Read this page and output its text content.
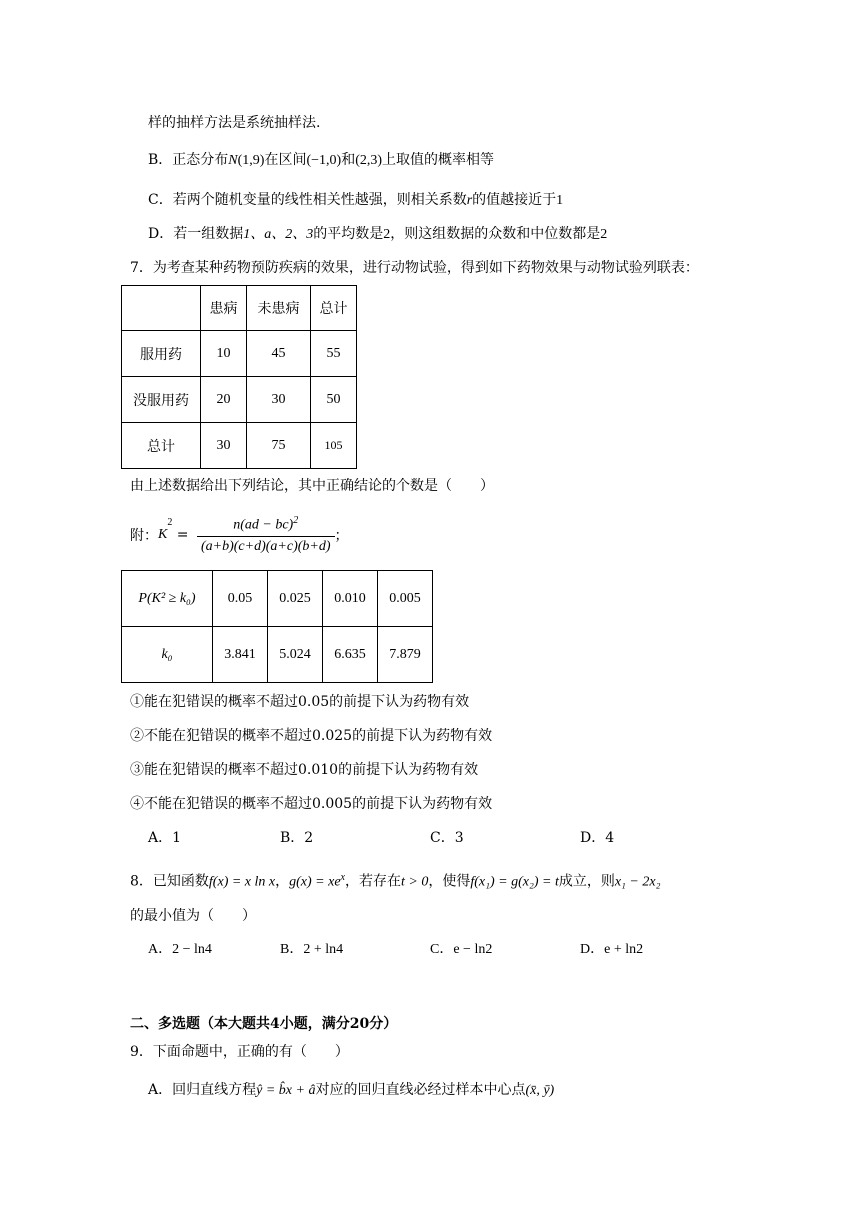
样的抽样方法是系统抽样法.
B．正态分布N(1,9)在区间(−1,0)和(2,3)上取值的概率相等
C．若两个随机变量的线性相关性越强，则相关系数r的值越接近于1
D．若一组数据1、a、2、3的平均数是2，则这组数据的众数和中位数都是2
7．为考查某种药物预防疾病的效果，进行动物试验，得到如下药物效果与动物试验列联表：
	患病	未患病	总计
服用药	10	45	55
没服用药	20	30	50
总计	30	75	105
由上述数据给出下列结论，其中正确结论的个数是（　　）
附：$K^2 = \frac{n(ad - bc)^2}{(a+b)(c+d)(a+c)(b+d)}$ ；
P(K² ≥ k₀)	0.05	0.025	0.010	0.005
k₀	3.841	5.024	6.635	7.879
①能在犯错误的概率不超过0.05的前提下认为药物有效
②不能在犯错误的概率不超过0.025的前提下认为药物有效
③能在犯错误的概率不超过0.010的前提下认为药物有效
④不能在犯错误的概率不超过0.005的前提下认为药物有效
A．1	B．2	C．3	D．4
8．已知函数f(x) = x ln x，$g(x) = xe^x$，若存在t > 0，使得f(x₁) = g(x₂) = t成立，则x₁ − 2x₂
的最小值为（　　）
A．2 − ln4	B．2 + ln4	C．e − ln2	D．e + ln2
二、多选题（本大题共4小题，满分20分）
9．下面命题中，正确的有（　　）
A．回归直线方程ŷ = b̂x + â对应的回归直线必经过样本中心点(x̄, ȳ)
